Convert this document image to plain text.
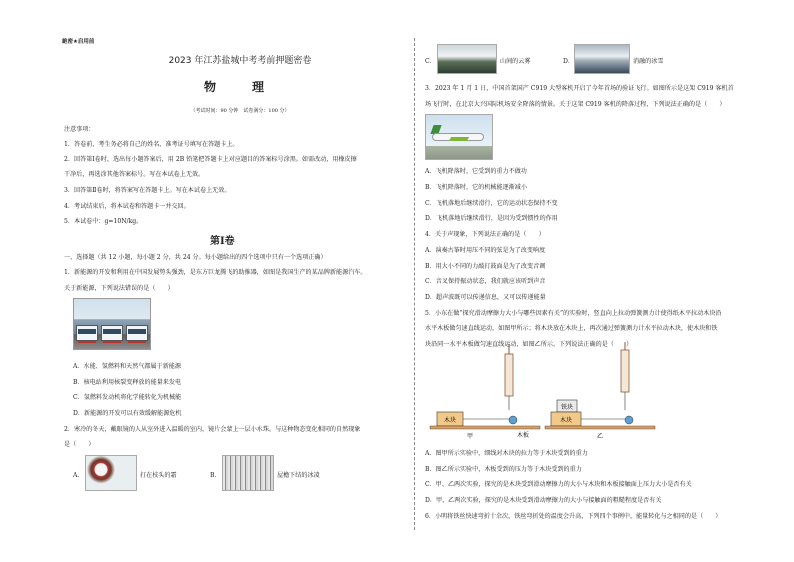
絶密★启用前
2023 年江苏盐城中考考前押题密卷
物　理
（考试时间：90 分钟　试卷满分：100 分）
注意事项：
1．答卷前，考生务必将自己的姓名、准考证号填写在答题卡上。
2．回答第Ⅰ卷时，选出每小题答案后，用 2B 铅笔把答题卡上对应题目的答案标号涂黑。如需改动，用橡皮擦
干净后，再选涂其他答案标号。写在本试卷上无效。
3．回答第Ⅱ卷时，将答案写在答题卡上。写在本试卷上无效。
4．考试结束后，将本试卷和答题卡一并交回。
5．本试卷中：g=10N/kg。
第Ⅰ卷
一、选择题（共 12 小题，每小题 2 分，共 24 分。每小题给出的四个选项中只有一个选项正确）
1．新能源的开发和利用在中国发展势头强劲，是东方巨龙腾飞的助推器，如图是我国生产的某品牌新能源汽车。
关于新能源，下列说法错误的是（　　）
A．水能、氢燃料和天然气都属于新能源
B．核电站利用核裂变释放的能量来发电
C．氢燃料发动机将化学能转化为机械能
D．新能源的开发可以有效缓解能源危机
2．寒冷的冬天，戴眼镜的人从室外进入温暖的室内，镜片会蒙上一层小水珠。与这种物态变化相同的自然现象
是（　　）
A．	打在枝头的霜	B．	屋檐下结的冰凌
C．	山间的云雾	D．	消融的冰雪
3．2023 年 1 月 1 日，中国首架国产 C919 大型客机开启了今年首场的验证飞行。如图所示是这架 C919 客机首
场飞行时，在北京大兴国际机场安全降落的情景。关于这架 C919 客机的降落过程，下列说法正确的是（　　）
A．飞机降落时，它受到的重力不做功
B．飞机降落时，它的机械能逐渐减小
C．飞机落地后继续滑行，它的运动状态保持不变
D．飞机落地后继续滑行，是因为受到惯性的作用
4．关于声现象，下列说法正确的是（　　）
A．演奏古筝时用压不同的弦是为了改变响度
B．用大小不同的力敲打鼓面是为了改变音调
C．音叉保持振动状态，我们就应该听到声音
D．超声波既可以传递信息，又可以传递能量
5．小东在做“探究滑动摩擦力大小与哪些因素有关”的实验时，竖直向上拉动弹簧测力计使得纸木平拉动木块沿
水平木板做匀速直线运动，如图甲所示；将木块放在木块上，再次通过弹簧测力计水平拉动木块，使木块和铁
块沿同一水平木板做匀速直线运动，如图乙所示。下列说法正确的是（　　）
木块
木板
甲
铁块
木块
乙
A．图甲所示实验中，细线对木块的拉力等于木块受到的重力
B．图乙所示实验中，木板受到的压力等于木块受到的重力
C．甲、乙两次实验，探究的是木块受到滑动摩擦力的大小与木块和木板接触面上压力大小是否有关
D．甲、乙两次实验，探究的是木块受到滑动摩擦力的大小与接触面的粗糙程度是否有关
6．小明将铁丝快速弯折十余次，铁丝弯折处的温度会升高，下列四个事例中，能量转化与之相同的是（　　）
